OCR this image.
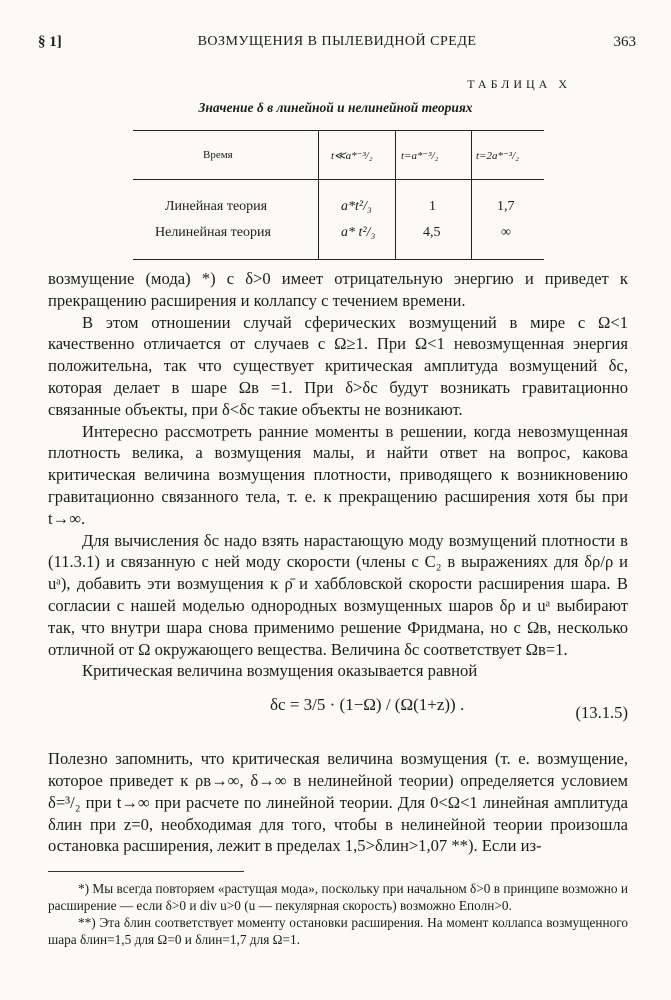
§ 1]	ВОЗМУЩЕНИЯ В ПЫЛЕВИДНОЙ СРЕДЕ	363
ТАБЛИЦА X
Значение δ в линейной и нелинейной теориях
Время	t≪a*⁻³/₂	t=a*⁻³/₂	t=2a*⁻³/₂
Линейная теория	a*t²/₃	1	1,7
Нелинейная теория	a* t²/₃	4,5	∞

возмущение (мода) *) с δ>0 имеет отрицательную энергию и приведет к прекращению расширения и коллапсу с течением времени.

В этом отношении случай сферических возмущений в мире с Ω<1 качественно отличается от случаев с Ω≥1. При Ω<1 невозмущенная энергия положительна, так что существует критическая амплитуда возмущений δc, которая делает в шаре Ωв =1. При δ>δc будут возникать гравитационно связанные объекты, при δ<δc такие объекты не возникают.

Интересно рассмотреть ранние моменты в решении, когда невозмущенная плотность велика, а возмущения малы, и найти ответ на вопрос, какова критическая величина возмущения плотности, приводящего к возникновению гравитационно связанного тела, т. е. к прекращению расширения хотя бы при t→∞.

Для вычисления δc надо взять нарастающую моду возмущений плотности в (11.3.1) и связанную с ней моду скорости (члены с C₂ в выражениях для δρ/ρ и uᵃ), добавить эти возмущения к ρ̄ и хаббловской скорости расширения шара. В согласии с нашей моделью однородных возмущенных шаров δρ и uᵃ выбирают так, что внутри шара снова применимо решение Фридмана, но с Ωв, несколько отличной от Ω окружающего вещества. Величина δc соответствует Ωв=1.

Критическая величина возмущения оказывается равной

δc = 3/5 · (1−Ω) / (Ω(1+z)) .	(13.1.5)

Полезно запомнить, что критическая величина возмущения (т. е. возмущение, которое приведет к ρв→∞, δ→∞ в нелинейной теории) определяется условием δ=³/₂ при t→∞ при расчете по линейной теории. Для 0<Ω<1 линейная амплитуда δлин при z=0, необходимая для того, чтобы в нелинейной теории произошла остановка расширения, лежит в пределах 1,5>δлин>1,07 **). Если из-

*) Мы всегда повторяем «растущая мода», поскольку при начальном δ>0 в принципе возможно и расширение — если δ>0 и div u>0 (u — пекулярная скорость) возможно Eполн>0.

**) Эта δлин соответствует моменту остановки расширения. На момент коллапса возмущенного шара δлин=1,5 для Ω=0 и δлин=1,7 для Ω=1.
